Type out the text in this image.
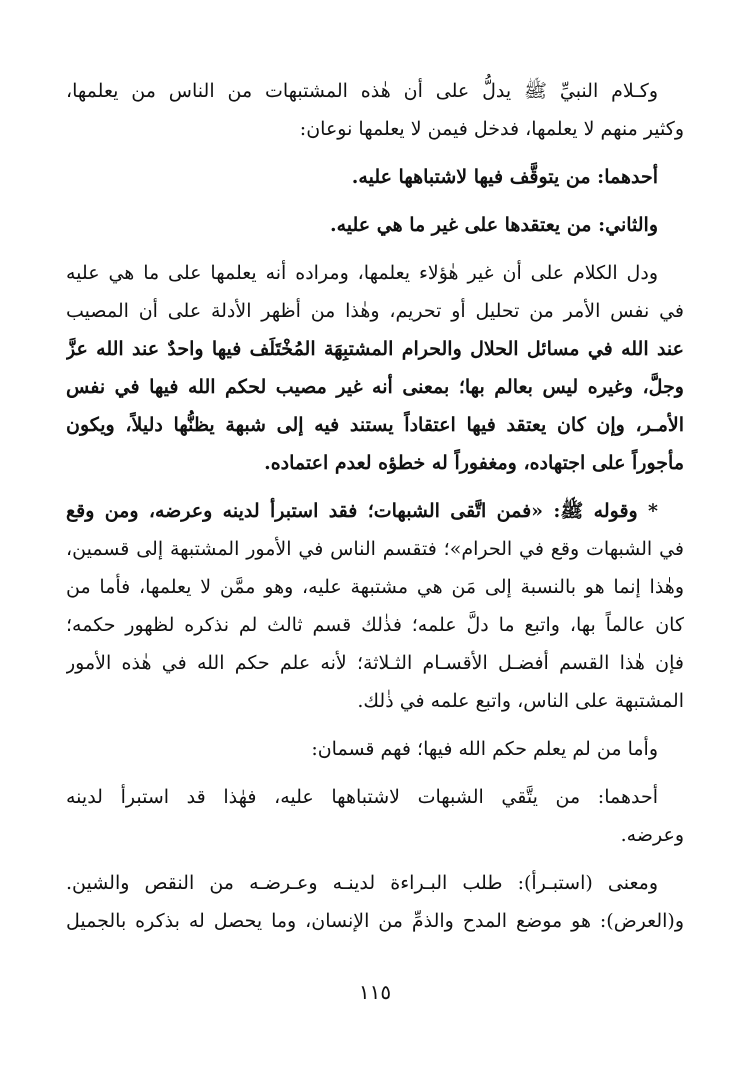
وكـلام النبيِّ ﷺ يدلُّ على أن هٰذه المشتبهات من الناس من يعلمها،
وكثير منهم لا يعلمها، فدخل فيمن لا يعلمها نوعان:
أحدهما: من يتوقَّف فيها لاشتباهها عليه.
والثاني: من يعتقدها على غير ما هي عليه.
ودل الكلام على أن غير هٰؤلاء يعلمها، ومراده أنه يعلمها على ما هي عليه
في نفس الأمر من تحليل أو تحريم، وهٰذا من أظهر الأدلة على أن المصيب
عند الله في مسائل الحلال والحرام المشتبِهَة المُخْتَلَف فيها واحدٌ عند الله عزَّ
وجلَّ، وغيره ليس بعالم بها؛ بمعنى أنه غير مصيب لحكم الله فيها في نفس
الأمـر، وإن كان يعتقد فيها اعتقاداً يستند فيه إلى شبهة يظنُّها دليلاً، ويكون
مأجوراً على اجتهاده، ومغفوراً له خطؤه لعدم اعتماده.
* وقوله ﷺ: «فمن اتَّقى الشبهات؛ فقد استبرأ لدينه وعرضه، ومن وقع
في الشبهات وقع في الحرام»؛ فتقسم الناس في الأمور المشتبهة إلى قسمين،
وهٰذا إنما هو بالنسبة إلى مَن هي مشتبهة عليه، وهو ممَّن لا يعلمها، فأما من
كان عالماً بها، واتبع ما دلَّ علمه؛ فذٰلك قسم ثالث لم نذكره لظهور حكمه؛
فإن هٰذا القسم أفضـل الأقسـام الثـلاثة؛ لأنه علم حكم الله في هٰذه الأمور
المشتبهة على الناس، واتبع علمه في ذٰلك.
وأما من لم يعلم حكم الله فيها؛ فهم قسمان:
أحدهما: من يتَّقي الشبهات لاشتباهها عليه، فهٰذا قد استبرأ لدينه
وعرضه.
ومعنى (استبـرأ): طلب البـراءة لدينـه وعـرضـه من النقص والشين.
و(العرض): هو موضع المدح والذمِّ من الإنسان، وما يحصل له بذكره بالجميل
١١٥
